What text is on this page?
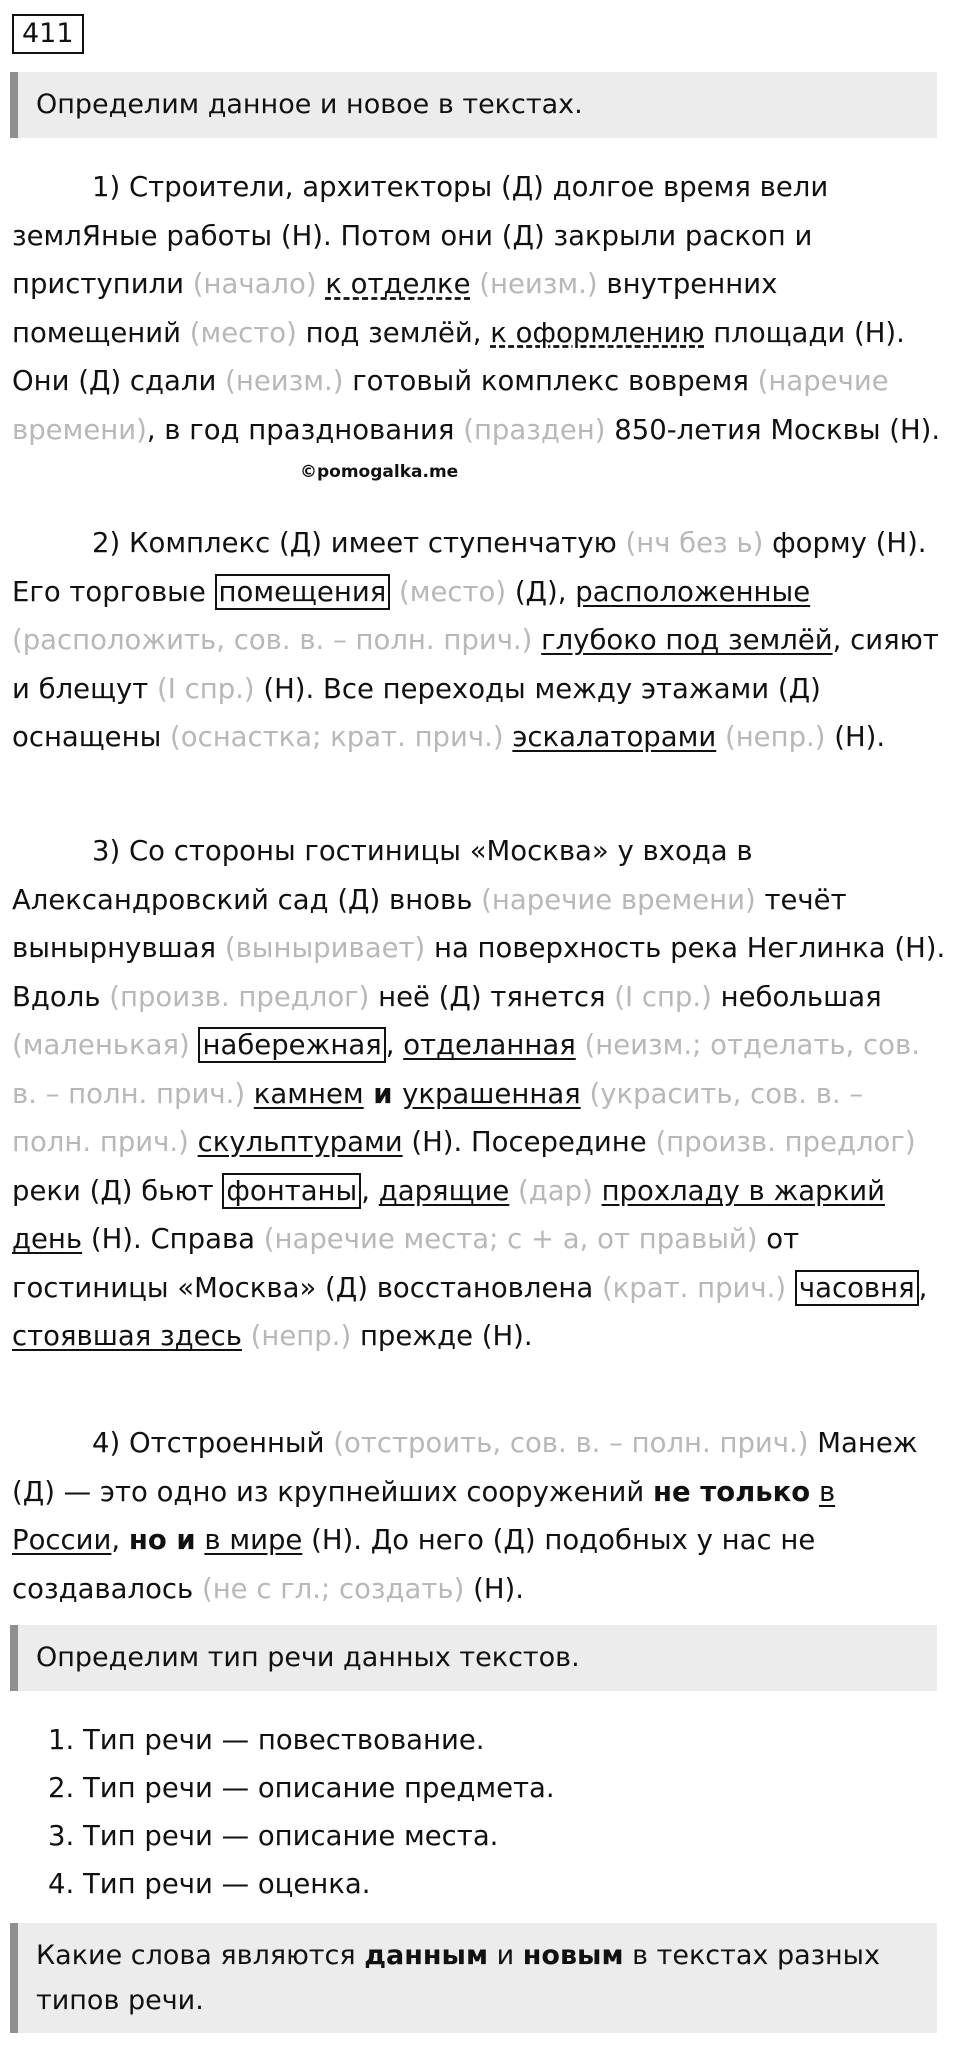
411
Определим данное и новое в текстах.

1) Строители, архитекторы (Д) долгое время вели землЯные работы (Н). Потом они (Д) закрыли раскоп и приступили (начало) к отделке (неизм.) внутренних помещений (место) под землёй, к оформлению площади (Н). Они (Д) сдали (неизм.) готовый комплекс вовремя (наречие времени), в год празднования (празден) 850-летия Москвы (Н).

©pomogalka.me

2) Комплекс (Д) имеет ступенчатую (нч без ь) форму (Н). Его торговые помещения (место) (Д), расположенные (расположить, сов. в. – полн. прич.) глубоко под землёй, сияют и блещут (I спр.) (Н). Все переходы между этажами (Д) оснащены (оснастка; крат. прич.) эскалаторами (непр.) (Н).

3) Со стороны гостиницы «Москва» у входа в Александровский сад (Д) вновь (наречие времени) течёт вынырнувшая (выныривает) на поверхность река Неглинка (Н). Вдоль (произв. предлог) неё (Д) тянется (I спр.) небольшая (маленькая) набережная , отделанная (неизм.; отделать, сов. в. – полн. прич.) камнем и украшенная (украсить, сов. в. – полн. прич.) скульптурами (Н). Посередине (произв. предлог) реки (Д) бьют фонтаны , дарящие (дар) прохладу в жаркий день (Н). Справа (наречие места; с + а, от правый) от гостиницы «Москва» (Д) восстановлена (крат. прич.) часовня , стоявшая здесь (непр.) прежде (Н).

4) Отстроенный (отстроить, сов. в. – полн. прич.) Манеж (Д) — это одно из крупнейших сооружений не только в России, но и в мире (Н). До него (Д) подобных у нас не создавалось (не с гл.; создать) (Н).

Определим тип речи данных текстов.
1. Тип речи — повествование.
2. Тип речи — описание предмета.
3. Тип речи — описание места.
4. Тип речи — оценка.
Какие слова являются данным и новым в текстах разных типов речи.
